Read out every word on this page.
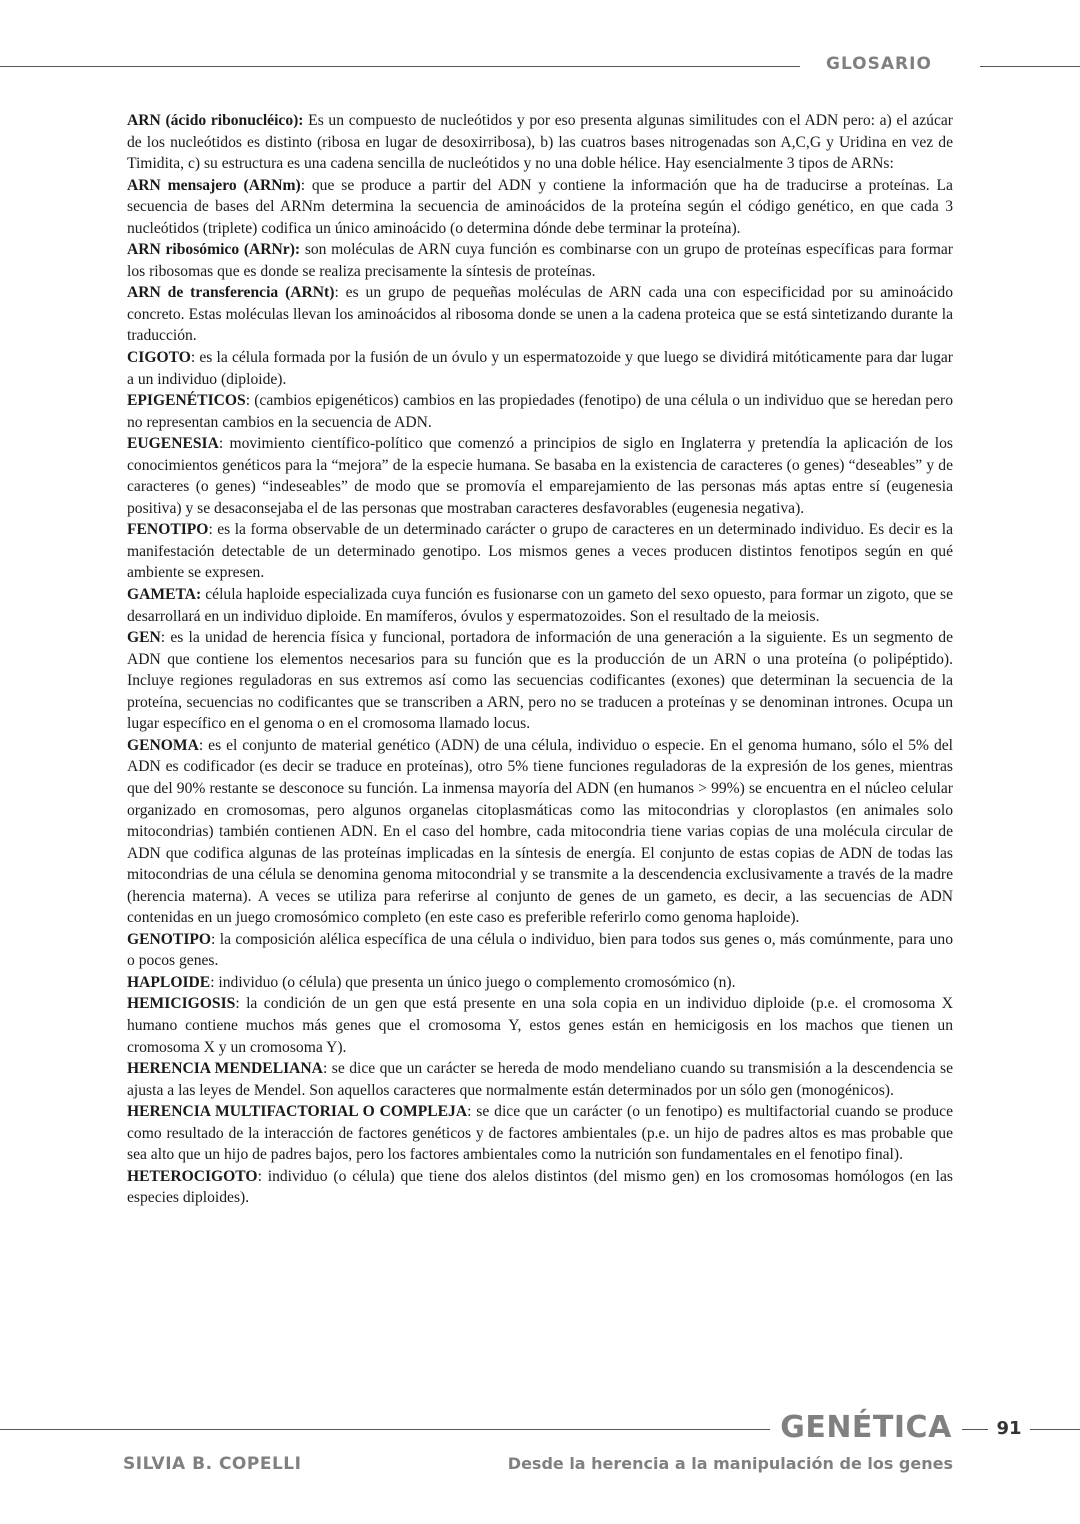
GLOSARIO

ARN (ácido ribonucléico): Es un compuesto de nucleótidos y por eso presenta algunas similitudes con el ADN pero: a) el azúcar de los nucleótidos es distinto (ribosa en lugar de desoxirribosa), b) las cuatros bases nitrogenadas son A,C,G y Uridina en vez de Timidita, c) su estructura es una cadena sencilla de nucleótidos y no una doble hélice. Hay esencialmente 3 tipos de ARNs:

ARN mensajero (ARNm): que se produce a partir del ADN y contiene la información que ha de traducirse a proteínas. La secuencia de bases del ARNm determina la secuencia de aminoácidos de la proteína según el código genético, en que cada 3 nucleótidos (triplete) codifica un único aminoácido (o determina dónde debe terminar la proteína).

ARN ribosómico (ARNr): son moléculas de ARN cuya función es combinarse con un grupo de proteínas específicas para formar los ribosomas que es donde se realiza precisamente la síntesis de proteínas.

ARN de transferencia (ARNt): es un grupo de pequeñas moléculas de ARN cada una con especificidad por su aminoácido concreto. Estas moléculas llevan los aminoácidos al ribosoma donde se unen a la cadena proteica que se está sintetizando durante la traducción.

CIGOTO: es la célula formada por la fusión de un óvulo y un espermatozoide y que luego se dividirá mitóticamente para dar lugar a un individuo (diploide).

EPIGENÉTICOS: (cambios epigenéticos) cambios en las propiedades (fenotipo) de una célula o un individuo que se heredan pero no representan cambios en la secuencia de ADN.

EUGENESIA: movimiento científico-político que comenzó a principios de siglo en Inglaterra y pretendía la aplicación de los conocimientos genéticos para la “mejora” de la especie humana. Se basaba en la existencia de caracteres (o genes) “deseables” y de caracteres (o genes) “indeseables” de modo que se promovía el emparejamiento de las personas más aptas entre sí (eugenesia positiva) y se desaconsejaba el de las personas que mostraban caracteres desfavorables (eugenesia negativa).

FENOTIPO: es la forma observable de un determinado carácter o grupo de caracteres en un determinado individuo. Es decir es la manifestación detectable de un determinado genotipo. Los mismos genes a veces producen distintos fenotipos según en qué ambiente se expresen.

GAMETA: célula haploide especializada cuya función es fusionarse con un gameto del sexo opuesto, para formar un zigoto, que se desarrollará en un individuo diploide. En mamíferos, óvulos y espermatozoides. Son el resultado de la meiosis.

GEN: es la unidad de herencia física y funcional, portadora de información de una generación a la siguiente. Es un segmento de ADN que contiene los elementos necesarios para su función que es la producción de un ARN o una proteína (o polipéptido). Incluye regiones reguladoras en sus extremos así como las secuencias codificantes (exones) que determinan la secuencia de la proteína, secuencias no codificantes que se transcriben a ARN, pero no se traducen a proteínas y se denominan intrones. Ocupa un lugar específico en el genoma o en el cromosoma llamado locus.

GENOMA: es el conjunto de material genético (ADN) de una célula, individuo o especie. En el genoma humano, sólo el 5% del ADN es codificador (es decir se traduce en proteínas), otro 5% tiene funciones reguladoras de la expresión de los genes, mientras que del 90% restante se desconoce su función. La inmensa mayoría del ADN (en humanos > 99%) se encuentra en el núcleo celular organizado en cromosomas, pero algunos organelas citoplasmáticas como las mitocondrias y cloroplastos (en animales solo mitocondrias) también contienen ADN. En el caso del hombre, cada mitocondria tiene varias copias de una molécula circular de ADN que codifica algunas de las proteínas implicadas en la síntesis de energía. El conjunto de estas copias de ADN de todas las mitocondrias de una célula se denomina genoma mitocondrial y se transmite a la descendencia exclusivamente a través de la madre (herencia materna). A veces se utiliza para referirse al conjunto de genes de un gameto, es decir, a las secuencias de ADN contenidas en un juego cromosómico completo (en este caso es preferible referirlo como genoma haploide).

GENOTIPO: la composición alélica específica de una célula o individuo, bien para todos sus genes o, más comúnmente, para uno o pocos genes.

HAPLOIDE: individuo (o célula) que presenta un único juego o complemento cromosómico (n).

HEMICIGOSIS: la condición de un gen que está presente en una sola copia en un individuo diploide (p.e. el cromosoma X humano contiene muchos más genes que el cromosoma Y, estos genes están en hemicigosis en los machos que tienen un cromosoma X y un cromosoma Y).

HERENCIA MENDELIANA: se dice que un carácter se hereda de modo mendeliano cuando su transmisión a la descendencia se ajusta a las leyes de Mendel. Son aquellos caracteres que normalmente están determinados por un sólo gen (monogénicos).

HERENCIA MULTIFACTORIAL O COMPLEJA: se dice que un carácter (o un fenotipo) es multifactorial cuando se produce como resultado de la interacción de factores genéticos y de factores ambientales (p.e. un hijo de padres altos es mas probable que sea alto que un hijo de padres bajos, pero los factores ambientales como la nutrición son fundamentales en el fenotipo final).

HETEROCIGOTO: individuo (o célula) que tiene dos alelos distintos (del mismo gen) en los cromosomas homólogos (en las especies diploides).

GENÉTICA	91
SILVIA B. COPELLI	Desde la herencia a la manipulación de los genes
